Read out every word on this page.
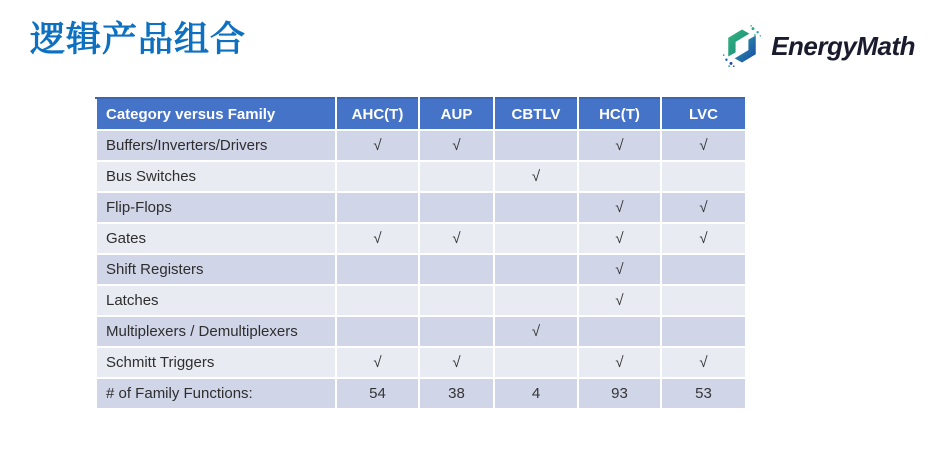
逻辑产品组合	EnergyMath
Category versus Family	AHC(T)	AUP	CBTLV	HC(T)	LVC
Buffers/Inverters/Drivers	√	√		√	√
Bus Switches			√		
Flip-Flops				√	√
Gates	√	√		√	√
Shift Registers				√	
Latches				√	
Multiplexers / Demultiplexers			√		
Schmitt Triggers	√	√		√	√
# of Family Functions:	54	38	4	93	53
